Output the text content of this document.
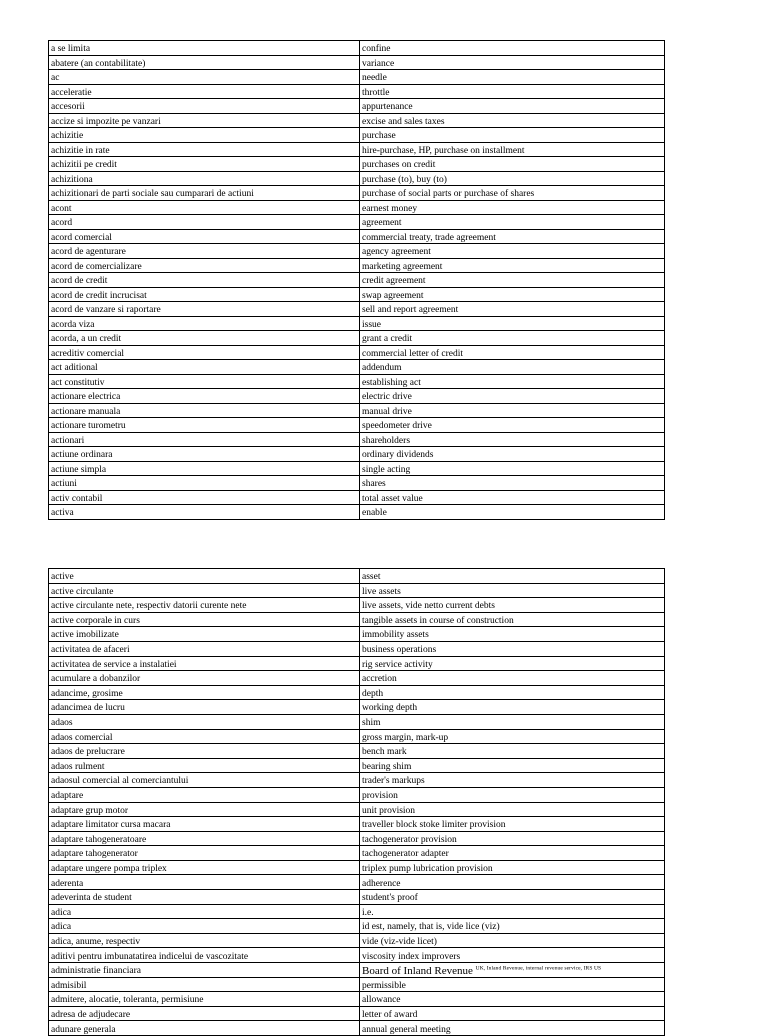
a se limita	confine
abatere (an contabilitate)	variance
ac	needle
acceleratie	throttle
accesorii	appurtenance
accize si impozite pe vanzari	excise and sales taxes
achizitie	purchase
achizitie in rate	hire-purchase, HP, purchase on installment
achizitii pe credit	purchases on credit
achizitiona	purchase (to), buy (to)
achizitionari de parti sociale sau cumparari de actiuni	purchase of social parts or purchase of shares
acont	earnest money
acord	agreement
acord comercial	commercial treaty, trade agreement
acord de agenturare	agency agreement
acord de comercializare	marketing agreement
acord de credit	credit agreement
acord de credit incrucisat	swap agreement
acord de vanzare si raportare	sell and report agreement
acorda viza	issue
acorda, a un credit	grant a credit
acreditiv comercial	commercial letter of credit
act aditional	addendum
act constitutiv	establishing act
actionare electrica	electric drive
actionare manuala	manual drive
actionare turometru	speedometer drive
actionari	shareholders
actiune ordinara	ordinary dividends
actiune simpla	single acting
actiuni	shares
activ contabil	total asset value
activa	enable
active	asset
active circulante	live assets
active circulante nete, respectiv datorii curente nete	live assets, vide netto current debts
active corporale in curs	tangible assets in course of construction
active imobilizate	immobility assets
activitatea de afaceri	business operations
activitatea de service a instalatiei	rig service activity
acumulare a dobanzilor	accretion
adancime, grosime	depth
adancimea de lucru	working depth
adaos	shim
adaos comercial	gross margin, mark-up
adaos de prelucrare	bench mark
adaos rulment	bearing shim
adaosul comercial al comerciantului	trader's markups
adaptare	provision
adaptare grup motor	unit provision
adaptare limitator cursa macara	traveller block stoke limiter provision
adaptare tahogeneratoare	tachogenerator provision
adaptare tahogenerator	tachogenerator adapter
adaptare ungere pompa triplex	triplex pump lubrication provision
aderenta	adherence
adeverinta de student	student's proof
adica	i.e.
adica	id est, namely, that is, vide lice (viz)
adica, anume, respectiv	vide (viz-vide licet)
aditivi pentru imbunatatirea indicelui de vascozitate	viscosity index improvers
administratie financiara	Board of Inland Revenue $^{UK, Inland Revenue, internal revenue service, IRS US}$
admisibil	permissible
admitere, alocatie, toleranta, permisiune	allowance
adresa de adjudecare	letter of award
adunare generala	annual general meeting
